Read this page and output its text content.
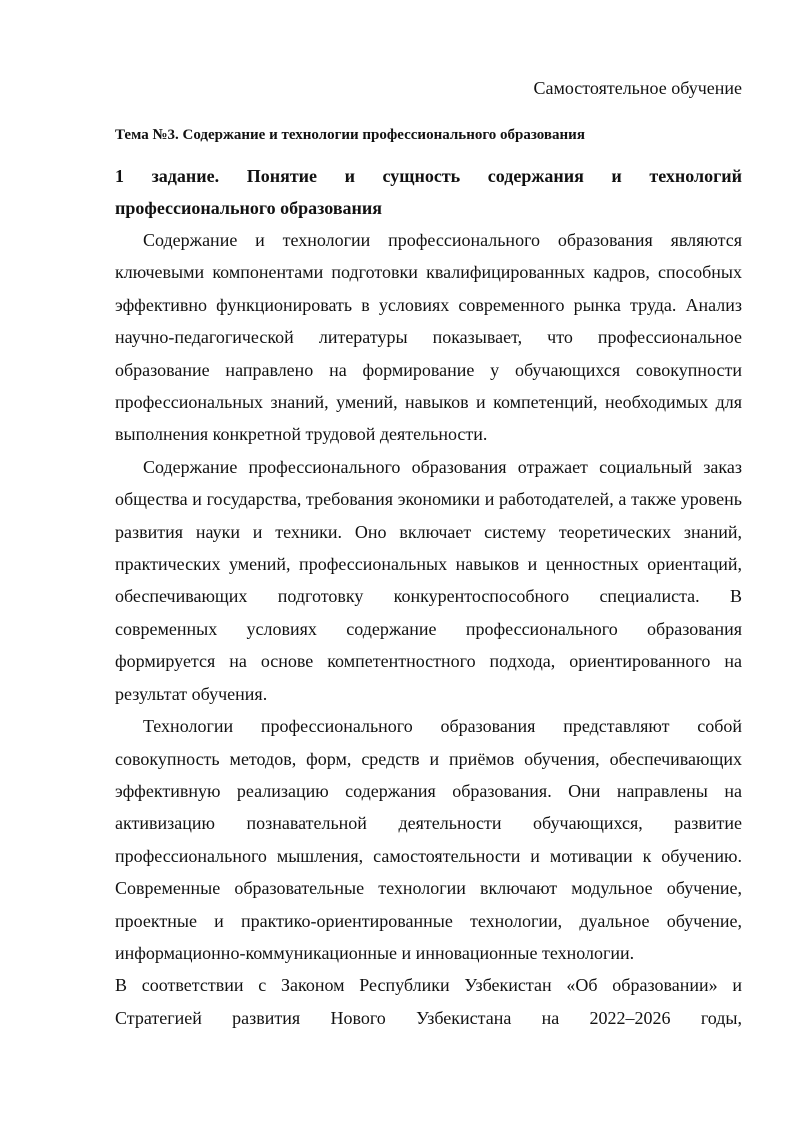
Самостоятельное обучение
Тема №3. Содержание и технологии профессионального образования
1 задание. Понятие и сущность содержания и технологий профессионального образования

Содержание и технологии профессионального образования являются ключевыми компонентами подготовки квалифицированных кадров, способных эффективно функционировать в условиях современного рынка труда. Анализ научно-педагогической литературы показывает, что профессиональное образование направлено на формирование у обучающихся совокупности профессиональных знаний, умений, навыков и компетенций, необходимых для выполнения конкретной трудовой деятельности.

Содержание профессионального образования отражает социальный заказ общества и государства, требования экономики и работодателей, а также уровень развития науки и техники. Оно включает систему теоретических знаний, практических умений, профессиональных навыков и ценностных ориентаций, обеспечивающих подготовку конкурентоспособного специалиста. В современных условиях содержание профессионального образования формируется на основе компетентностного подхода, ориентированного на результат обучения.

Технологии профессионального образования представляют собой совокупность методов, форм, средств и приёмов обучения, обеспечивающих эффективную реализацию содержания образования. Они направлены на активизацию познавательной деятельности обучающихся, развитие профессионального мышления, самостоятельности и мотивации к обучению. Современные образовательные технологии включают модульное обучение, проектные и практико-ориентированные технологии, дуальное обучение, информационно-коммуникационные и инновационные технологии.

В соответствии с Законом Республики Узбекистан «Об образовании» и Стратегией развития Нового Узбекистана на 2022–2026 годы,
